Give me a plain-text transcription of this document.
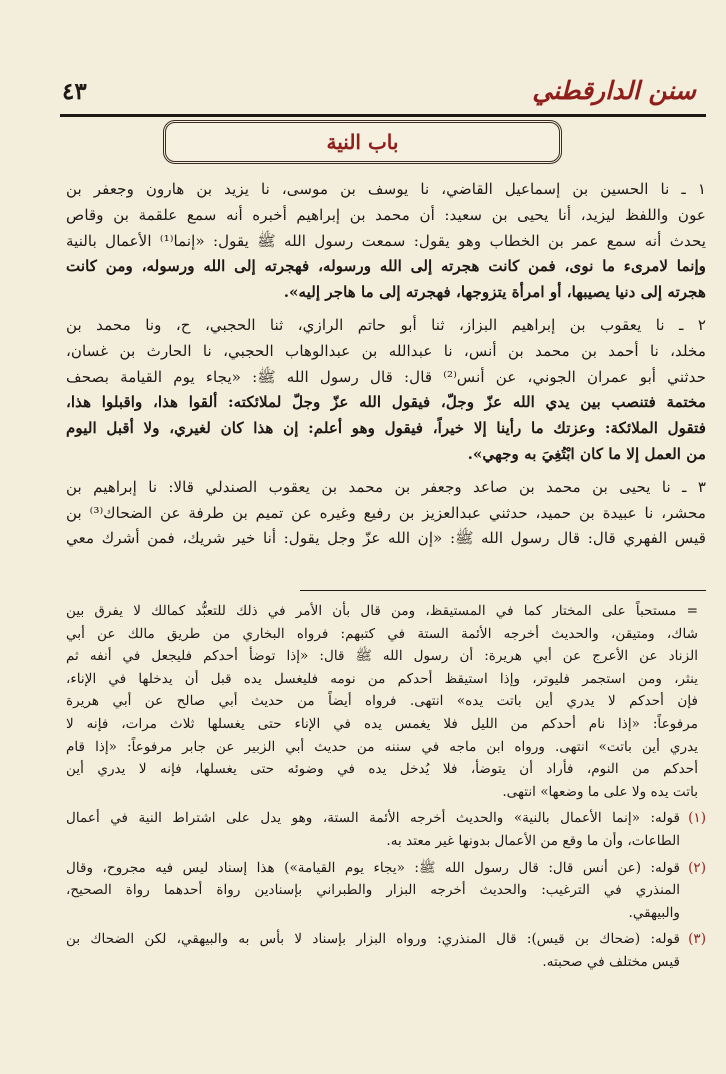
٤٣	سنن الدارقطني
باب النية
١ ـ نا الحسين بن إسماعيل القاضي، نا يوسف بن موسى، نا يزيد بن هارون وجعفر بن
عون واللفظ ليزيد، أنا يحيى بن سعيد: أن محمد بن إبراهيم أخبره أنه سمع علقمة بن وقاص
يحدث أنه سمع عمر بن الخطاب وهو يقول: سمعت رسول الله ﷺ يقول: «إنما⁽¹⁾ الأعمال بالنية
وإنما لامرىء ما نوى، فمن كانت هجرته إلى الله ورسوله، فهجرته إلى الله ورسوله، ومن كانت
هجرته إلى دنيا يصيبها، أو امرأة يتزوجها، فهجرته إلى ما هاجر إليه».
٢ ـ نا يعقوب بن إبراهيم البزاز، ثنا أبو حاتم الرازي، ثنا الحجبي، ح، ونا محمد بن
مخلد، نا أحمد بن محمد بن أنس، نا عبدالله بن عبدالوهاب الحجبي، نا الحارث بن غسان،
حدثني أبو عمران الجوني، عن أنس⁽²⁾ قال: قال رسول الله ﷺ: «يجاء يوم القيامة بصحف
مختمة فتنصب بين يدي الله عزّ وجلّ، فيقول الله عزّ وجلّ لملائكته: ألقوا هذا، واقبلوا هذا،
فتقول الملائكة: وعزتك ما رأينا إلا خيراً، فيقول وهو أعلم: إن هذا كان لغيري، ولا أقبل اليوم
من العمل إلا ما كان ابْتُغِيَ به وجهي».
٣ ـ نا يحيى بن محمد بن صاعد وجعفر بن محمد بن يعقوب الصندلي قالا: نا إبراهيم بن
محشر، نا عبيدة بن حميد، حدثني عبدالعزيز بن رفيع وغيره عن تميم بن طرفة عن الضحاك⁽³⁾ بن
قيس الفهري قال: قال رسول الله ﷺ: «إن الله عزّ وجل يقول: أنا خير شريك، فمن أشرك معي
= مستحباً على المختار كما في المستيقظ، ومن قال بأن الأمر في ذلك للتعبُّد كمالك لا يفرق بين
شاك، ومتيقن، والحديث أخرجه الأئمة الستة في كتبهم: فرواه البخاري من طريق مالك عن أبي
الزناد عن الأعرج عن أبي هريرة: أن رسول الله ﷺ قال: «إذا توضأ أحدكم فليجعل في أنفه ثم
ينثر، ومن استجمر فليوتر، وإذا استيقظ أحدكم من نومه فليغسل يده قبل أن يدخلها في الإناء،
فإن أحدكم لا يدري أين باتت يده» انتهى. فرواه أيضاً من حديث أبي صالح عن أبي هريرة
مرفوعاً: «إذا نام أحدكم من الليل فلا يغمس يده في الإناء حتى يغسلها ثلاث مرات، فإنه لا
يدري أين باتت» انتهى. ورواه ابن ماجه في سننه من حديث أبي الزبير عن جابر مرفوعاً: «إذا قام
أحدكم من النوم، فأراد أن يتوضأ، فلا يُدخل يده في وضوئه حتى يغسلها، فإنه لا يدري أين
باتت يده ولا على ما وضعها» انتهى.
(١)
قوله: «إنما الأعمال بالنية» والحديث أخرجه الأئمة الستة، وهو يدل على اشتراط النية في أعمال
الطاعات، وأن ما وقع من الأعمال بدونها غير معتد به.
(٢)
قوله: (عن أنس قال: قال رسول الله ﷺ: «يجاء يوم القيامة») هذا إسناد ليس فيه مجروح، وقال
المنذري في الترغيب: والحديث أخرجه البزار والطبراني بإسنادين رواة أحدهما رواة الصحيح،
والبيهقي.
(٣)
قوله: (ضحاك بن قيس): قال المنذري: ورواه البزار بإسناد لا بأس به والبيهقي، لكن الضحاك بن
قيس مختلف في صحبته.
